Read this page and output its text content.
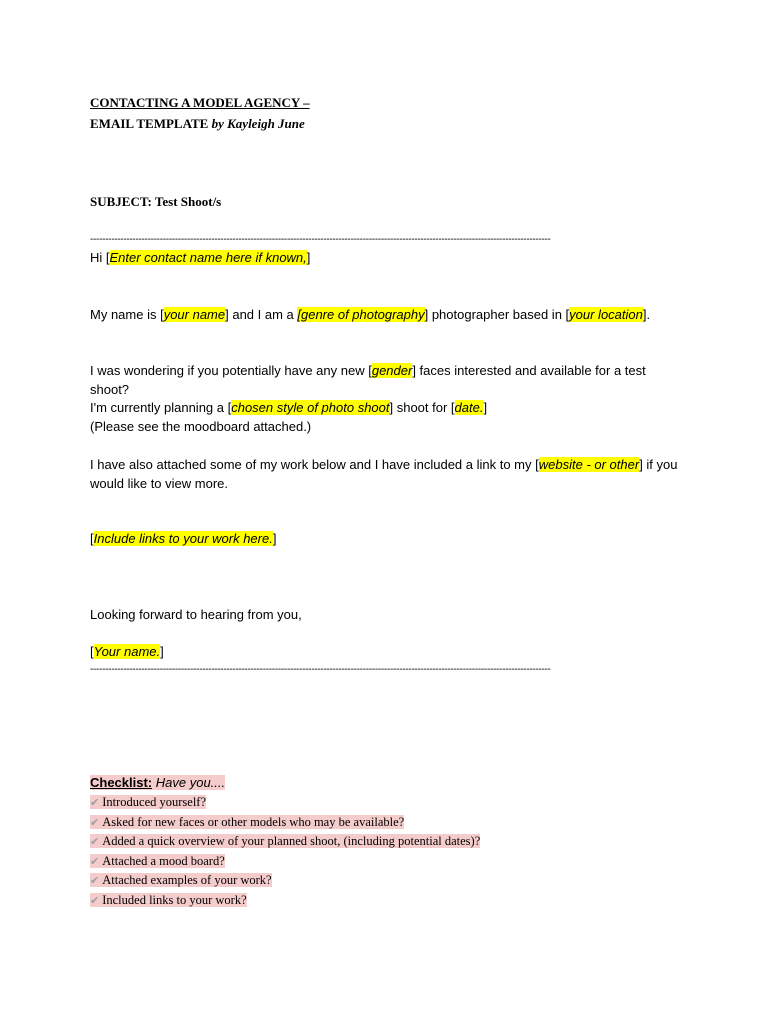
CONTACTING A MODEL AGENCY –
EMAIL TEMPLATE by Kayleigh June
SUBJECT: Test Shoot/s
--------------------------------------------------------------------------------------------------------------------------------------------------------
Hi [Enter contact name here if known,]
My name is [your name] and I am a [genre of photography] photographer based in [your location].
I was wondering if you potentially have any new [gender] faces interested and available for a test shoot?
I'm currently planning a [chosen style of photo shoot] shoot for [date.]
(Please see the moodboard attached.)
I have also attached some of my work below and I have included a link to my [website - or other] if you would like to view more.
[Include links to your work here.]
Looking forward to hearing from you,
[Your name.]
--------------------------------------------------------------------------------------------------------------------------------------------------------
Checklist: Have you....
✔ Introduced yourself?
✔ Asked for new faces or other models who may be available?
✔ Added a quick overview of your planned shoot, (including potential dates)?
✔ Attached a mood board?
✔ Attached examples of your work?
✔ Included links to your work?
